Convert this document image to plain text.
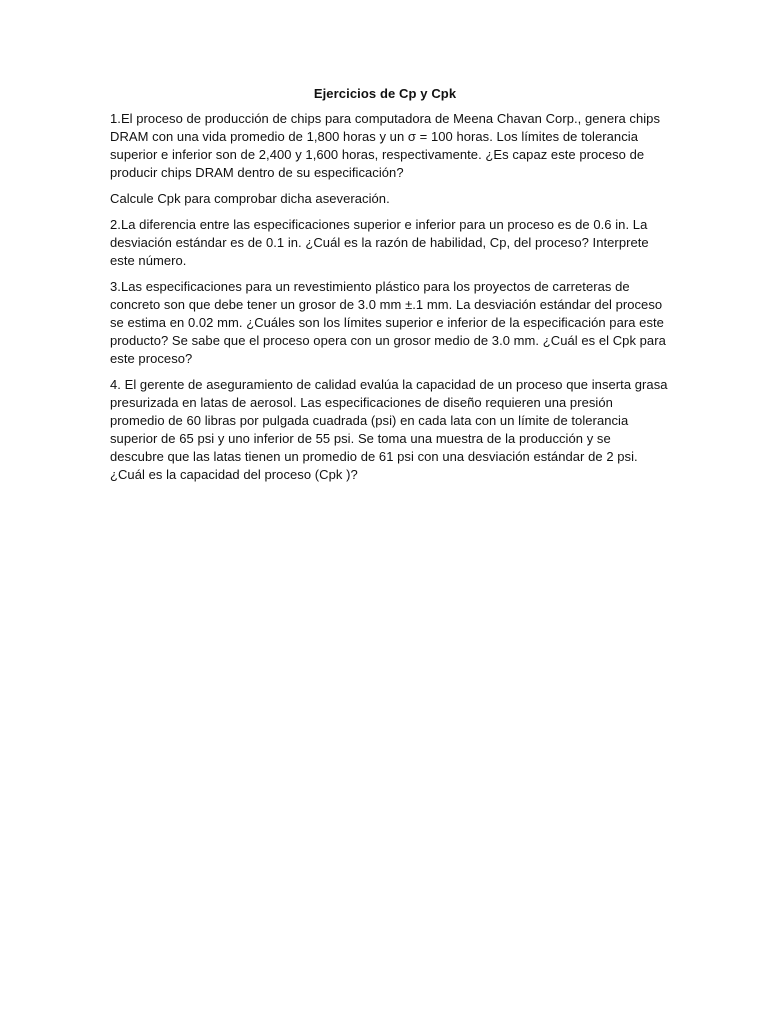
Ejercicios de Cp y Cpk
1.El proceso de producción de chips para computadora de Meena Chavan Corp., genera chips
DRAM con una vida promedio de 1,800 horas y un σ = 100 horas. Los límites de tolerancia
superior e inferior son de 2,400 y 1,600 horas, respectivamente. ¿Es capaz este proceso de
producir chips DRAM dentro de su especificación?
Calcule Cpk para comprobar dicha aseveración.
2.La diferencia entre las especificaciones superior e inferior para un proceso es de 0.6 in. La
desviación estándar es de 0.1 in. ¿Cuál es la razón de habilidad, Cp, del proceso? Interprete
este número.
3.Las especificaciones para un revestimiento plástico para los proyectos de carreteras de
concreto son que debe tener un grosor de 3.0 mm ±.1 mm. La desviación estándar del proceso
se estima en 0.02 mm. ¿Cuáles son los límites superior e inferior de la especificación para este
producto? Se sabe que el proceso opera con un grosor medio de 3.0 mm. ¿Cuál es el Cpk para
este proceso?
4. El gerente de aseguramiento de calidad evalúa la capacidad de un proceso que inserta grasa
presurizada en latas de aerosol. Las especificaciones de diseño requieren una presión
promedio de 60 libras por pulgada cuadrada (psi) en cada lata con un límite de tolerancia
superior de 65 psi y uno inferior de 55 psi. Se toma una muestra de la producción y se
descubre que las latas tienen un promedio de 61 psi con una desviación estándar de 2 psi.
¿Cuál es la capacidad del proceso (Cpk )?
